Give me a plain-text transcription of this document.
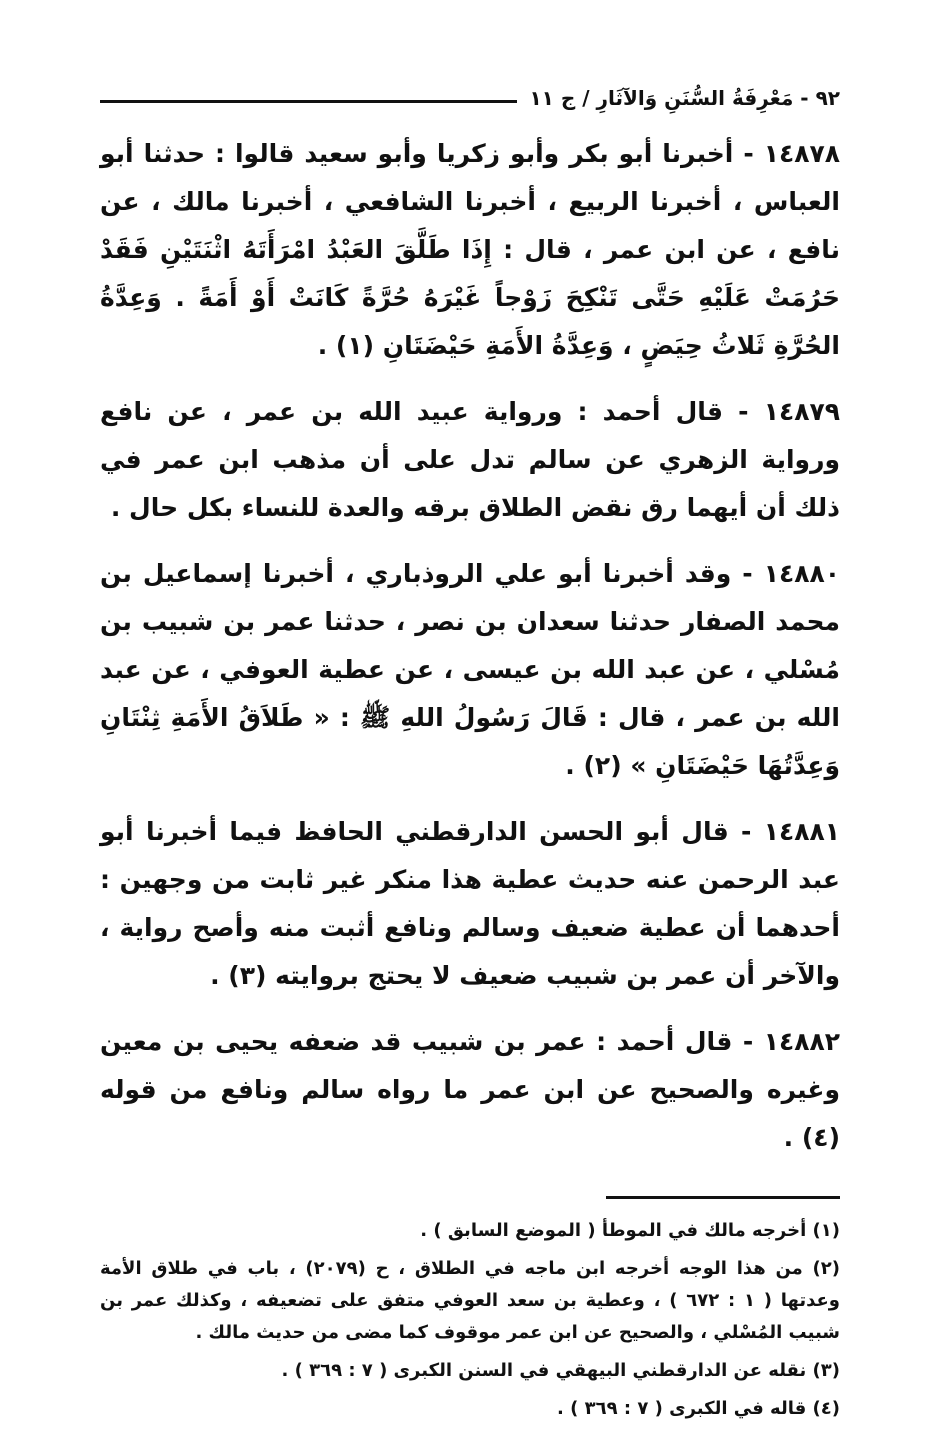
٩٢ - مَعْرِفَةُ السُّنَنِ وَالآثَارِ / ج ١١

١٤٨٧٨ - أخبرنا أبو بكر وأبو زكريا وأبو سعيد قالوا : حدثنا أبو العباس ، أخبرنا الربيع ، أخبرنا الشافعي ، أخبرنا مالك ، عن نافع ، عن ابن عمر ، قال : إِذَا طَلَّقَ العَبْدُ امْرَأَتَهُ اثْنَتَيْنِ فَقَدْ حَرُمَتْ عَلَيْهِ حَتَّى تَنْكِحَ زَوْجاً غَيْرَهُ حُرَّةً كَانَتْ أَوْ أَمَةً . وَعِدَّةُ الحُرَّةِ ثَلاثُ حِيَضٍ ، وَعِدَّةُ الأَمَةِ حَيْضَتَانِ (١) .

١٤٨٧٩ - قال أحمد : ورواية عبيد الله بن عمر ، عن نافع ورواية الزهري عن سالم تدل على أن مذهب ابن عمر في ذلك أن أيهما رق نقض الطلاق برقه والعدة للنساء بكل حال .

١٤٨٨٠ - وقد أخبرنا أبو علي الروذباري ، أخبرنا إسماعيل بن محمد الصفار حدثنا سعدان بن نصر ، حدثنا عمر بن شبيب بن مُسْلي ، عن عبد الله بن عيسى ، عن عطية العوفي ، عن عبد الله بن عمر ، قال : قَالَ رَسُولُ اللهِ ﷺ : « طَلاَقُ الأَمَةِ ثِنْتَانِ وَعِدَّتُهَا حَيْضَتَانِ » (٢) .

١٤٨٨١ - قال أبو الحسن الدارقطني الحافظ فيما أخبرنا أبو عبد الرحمن عنه حديث عطية هذا منكر غير ثابت من وجهين : أحدهما أن عطية ضعيف وسالم ونافع أثبت منه وأصح رواية ، والآخر أن عمر بن شبيب ضعيف لا يحتج بروايته (٣) .

١٤٨٨٢ - قال أحمد : عمر بن شبيب قد ضعفه يحيى بن معين وغيره والصحيح عن ابن عمر ما رواه سالم ونافع من قوله (٤) .

(١) أخرجه مالك في الموطأ ( الموضع السابق ) .

(٢) من هذا الوجه أخرجه ابن ماجه في الطلاق ، ح (٢٠٧٩) ، باب في طلاق الأمة وعدتها ( ١ : ٦٧٢ ) ، وعطية بن سعد العوفي متفق على تضعيفه ، وكذلك عمر بن شبيب المُسْلي ، والصحيح عن ابن عمر موقوف كما مضى من حديث مالك .

(٣) نقله عن الدارقطني البيهقي في السنن الكبرى ( ٧ : ٣٦٩ ) .

(٤) قاله في الكبرى ( ٧ : ٣٦٩ ) .
